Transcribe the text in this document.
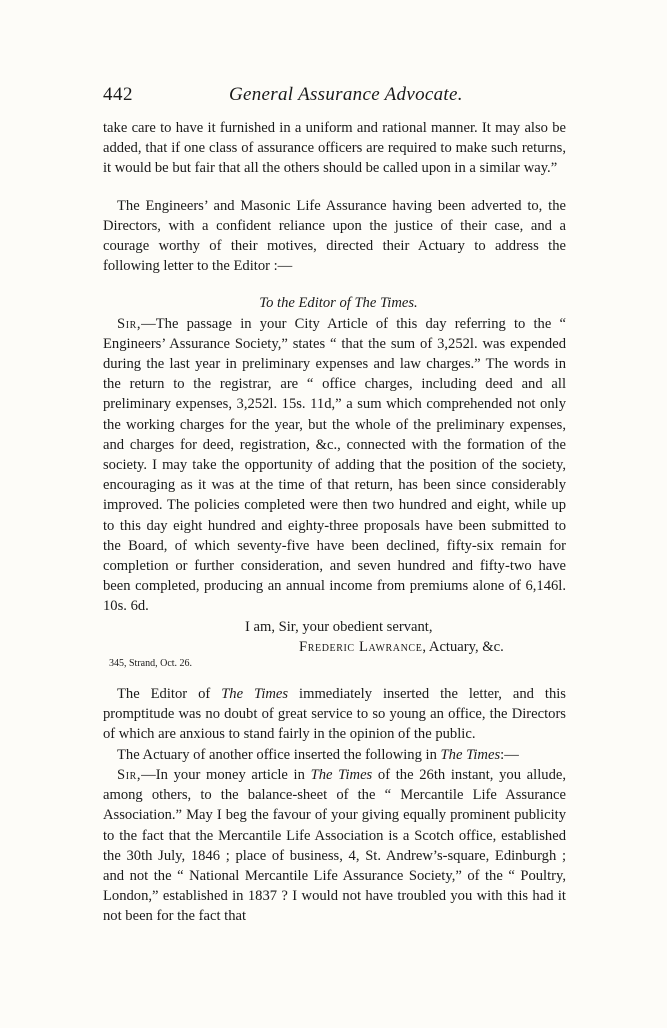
442	General Assurance Advocate.

take care to have it furnished in a uniform and rational manner. It may also be added, that if one class of assurance officers are required to make such returns, it would be but fair that all the others should be called upon in a similar way.”

The Engineers’ and Masonic Life Assurance having been adverted to, the Directors, with a confident reliance upon the justice of their case, and a courage worthy of their motives, directed their Actuary to address the following letter to the Editor :—

To the Editor of The Times.

Sir,—The passage in your City Article of this day referring to the “ Engineers’ Assurance Society,” states “ that the sum of 3,252l. was expended during the last year in preliminary expenses and law charges.” The words in the return to the registrar, are “ office charges, including deed and all preliminary expenses, 3,252l. 15s. 11d,” a sum which comprehended not only the working charges for the year, but the whole of the preliminary expenses, and charges for deed, registration, &c., connected with the formation of the society. I may take the opportunity of adding that the position of the society, encouraging as it was at the time of that return, has been since considerably improved. The policies completed were then two hundred and eight, while up to this day eight hundred and eighty-three proposals have been submitted to the Board, of which seventy-five have been declined, fifty-six remain for completion or further consideration, and seven hundred and fifty-two have been completed, producing an annual income from premiums alone of 6,146l. 10s. 6d.

I am, Sir, your obedient servant,

Frederic Lawrance, Actuary, &c.

345, Strand, Oct. 26.

The Editor of The Times immediately inserted the letter, and this promptitude was no doubt of great service to so young an office, the Directors of which are anxious to stand fairly in the opinion of the public.

The Actuary of another office inserted the following in The Times:—

Sir,—In your money article in The Times of the 26th instant, you allude, among others, to the balance-sheet of the “ Mercantile Life Assurance Association.” May I beg the favour of your giving equally prominent publicity to the fact that the Mercantile Life Association is a Scotch office, established the 30th July, 1846 ; place of business, 4, St. Andrew’s-square, Edinburgh ; and not the “ National Mercantile Life Assurance Society,” of the “ Poultry, London,” established in 1837 ? I would not have troubled you with this had it not been for the fact that
